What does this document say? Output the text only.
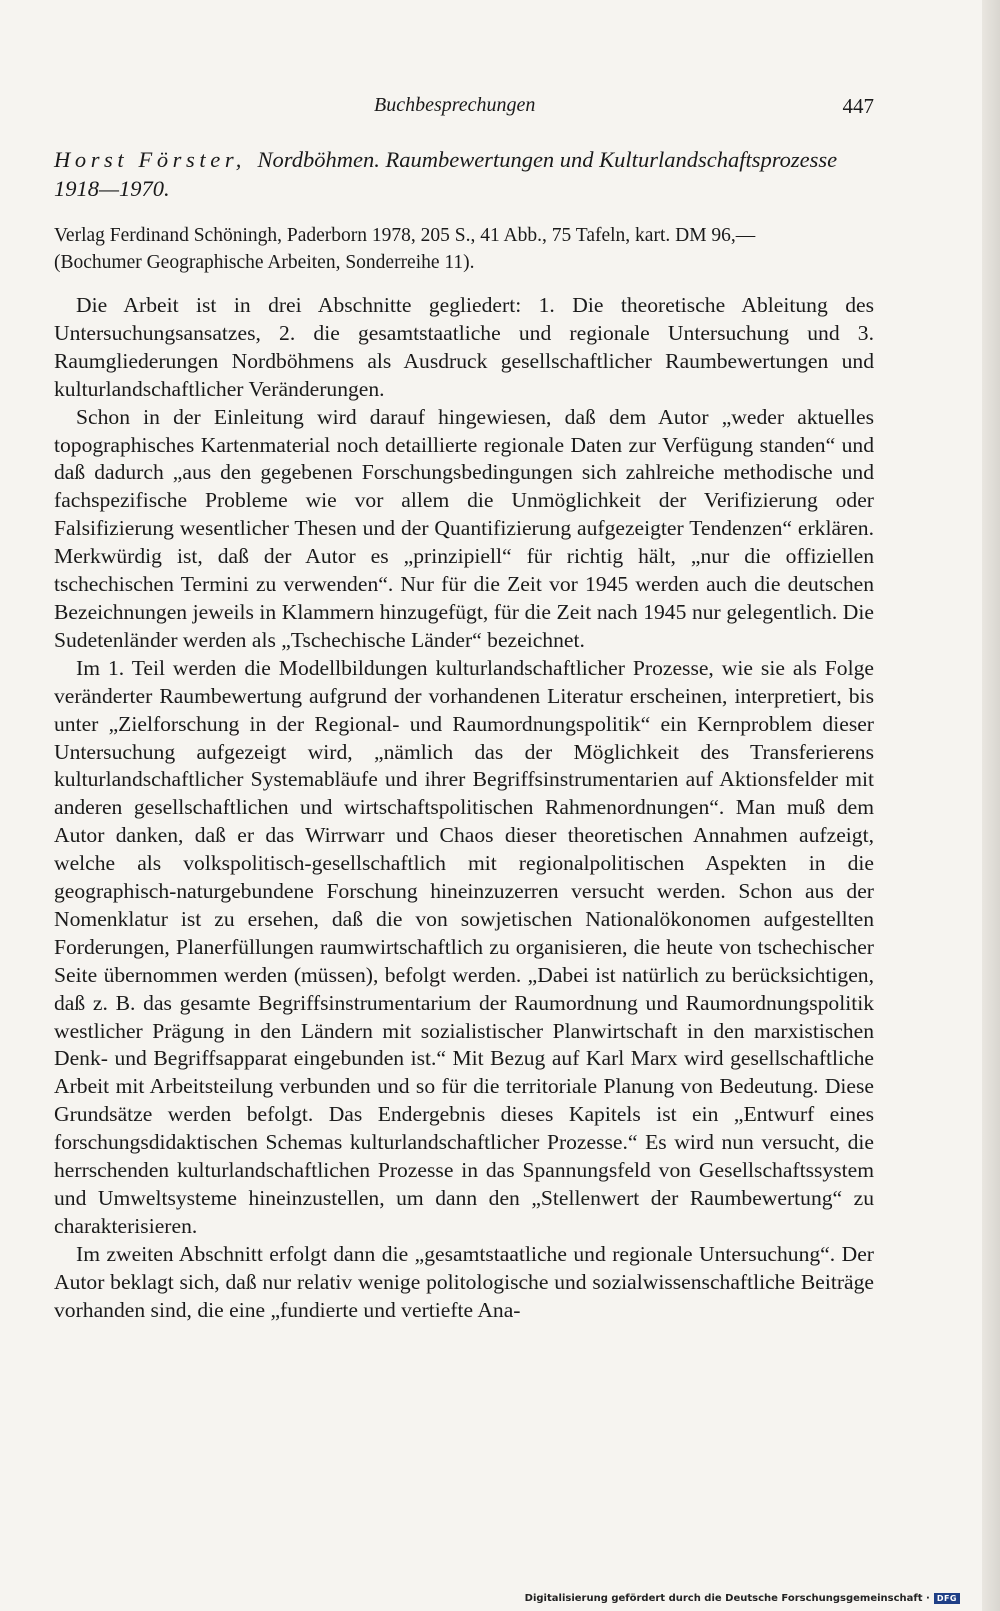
Buchbesprechungen	447
Horst Förster, Nordböhmen. Raumbewertungen und Kulturlandschaftsprozesse 1918—1970.
Verlag Ferdinand Schöningh, Paderborn 1978, 205 S., 41 Abb., 75 Tafeln, kart. DM 96,—
(Bochumer Geographische Arbeiten, Sonderreihe 11).

Die Arbeit ist in drei Abschnitte gegliedert: 1. Die theoretische Ableitung des Untersuchungsansatzes, 2. die gesamtstaatliche und regionale Untersuchung und 3. Raumgliederungen Nordböhmens als Ausdruck gesellschaftlicher Raumbewertungen und kulturlandschaftlicher Veränderungen.

Schon in der Einleitung wird darauf hingewiesen, daß dem Autor „weder aktuelles topographisches Kartenmaterial noch detaillierte regionale Daten zur Verfügung standen“ und daß dadurch „aus den gegebenen Forschungsbedingungen sich zahlreiche methodische und fachspezifische Probleme wie vor allem die Unmöglichkeit der Verifizierung oder Falsifizierung wesentlicher Thesen und der Quantifizierung aufgezeigter Tendenzen“ erklären. Merkwürdig ist, daß der Autor es „prinzipiell“ für richtig hält, „nur die offiziellen tschechischen Termini zu verwenden“. Nur für die Zeit vor 1945 werden auch die deutschen Bezeichnungen jeweils in Klammern hinzugefügt, für die Zeit nach 1945 nur gelegentlich. Die Sudetenländer werden als „Tschechische Länder“ bezeichnet.

Im 1. Teil werden die Modellbildungen kulturlandschaftlicher Prozesse, wie sie als Folge veränderter Raumbewertung aufgrund der vorhandenen Literatur erscheinen, interpretiert, bis unter „Zielforschung in der Regional- und Raumordnungspolitik“ ein Kernproblem dieser Untersuchung aufgezeigt wird, „nämlich das der Möglichkeit des Transferierens kulturlandschaftlicher Systemabläufe und ihrer Begriffsinstrumentarien auf Aktionsfelder mit anderen gesellschaftlichen und wirtschaftspolitischen Rahmenordnungen“. Man muß dem Autor danken, daß er das Wirrwarr und Chaos dieser theoretischen Annahmen aufzeigt, welche als volkspolitisch-gesellschaftlich mit regionalpolitischen Aspekten in die geographisch-naturgebundene Forschung hineinzuzerren versucht werden. Schon aus der Nomenklatur ist zu ersehen, daß die von sowjetischen Nationalökonomen aufgestellten Forderungen, Planerfüllungen raumwirtschaftlich zu organisieren, die heute von tschechischer Seite übernommen werden (müssen), befolgt werden. „Dabei ist natürlich zu berücksichtigen, daß z. B. das gesamte Begriffsinstrumentarium der Raumordnung und Raumordnungspolitik westlicher Prägung in den Ländern mit sozialistischer Planwirtschaft in den marxistischen Denk- und Begriffsapparat eingebunden ist.“ Mit Bezug auf Karl Marx wird gesellschaftliche Arbeit mit Arbeitsteilung verbunden und so für die territoriale Planung von Bedeutung. Diese Grundsätze werden befolgt. Das Endergebnis dieses Kapitels ist ein „Entwurf eines forschungsdidaktischen Schemas kulturlandschaftlicher Prozesse.“ Es wird nun versucht, die herrschenden kulturlandschaftlichen Prozesse in das Spannungsfeld von Gesellschaftssystem und Umweltsysteme hineinzustellen, um dann den „Stellenwert der Raumbewertung“ zu charakterisieren.

Im zweiten Abschnitt erfolgt dann die „gesamtstaatliche und regionale Untersuchung“. Der Autor beklagt sich, daß nur relativ wenige politologische und sozialwissenschaftliche Beiträge vorhanden sind, die eine „fundierte und vertiefte Ana-

Digitalisierung gefördert durch die Deutsche Forschungsgemeinschaft · DFG
